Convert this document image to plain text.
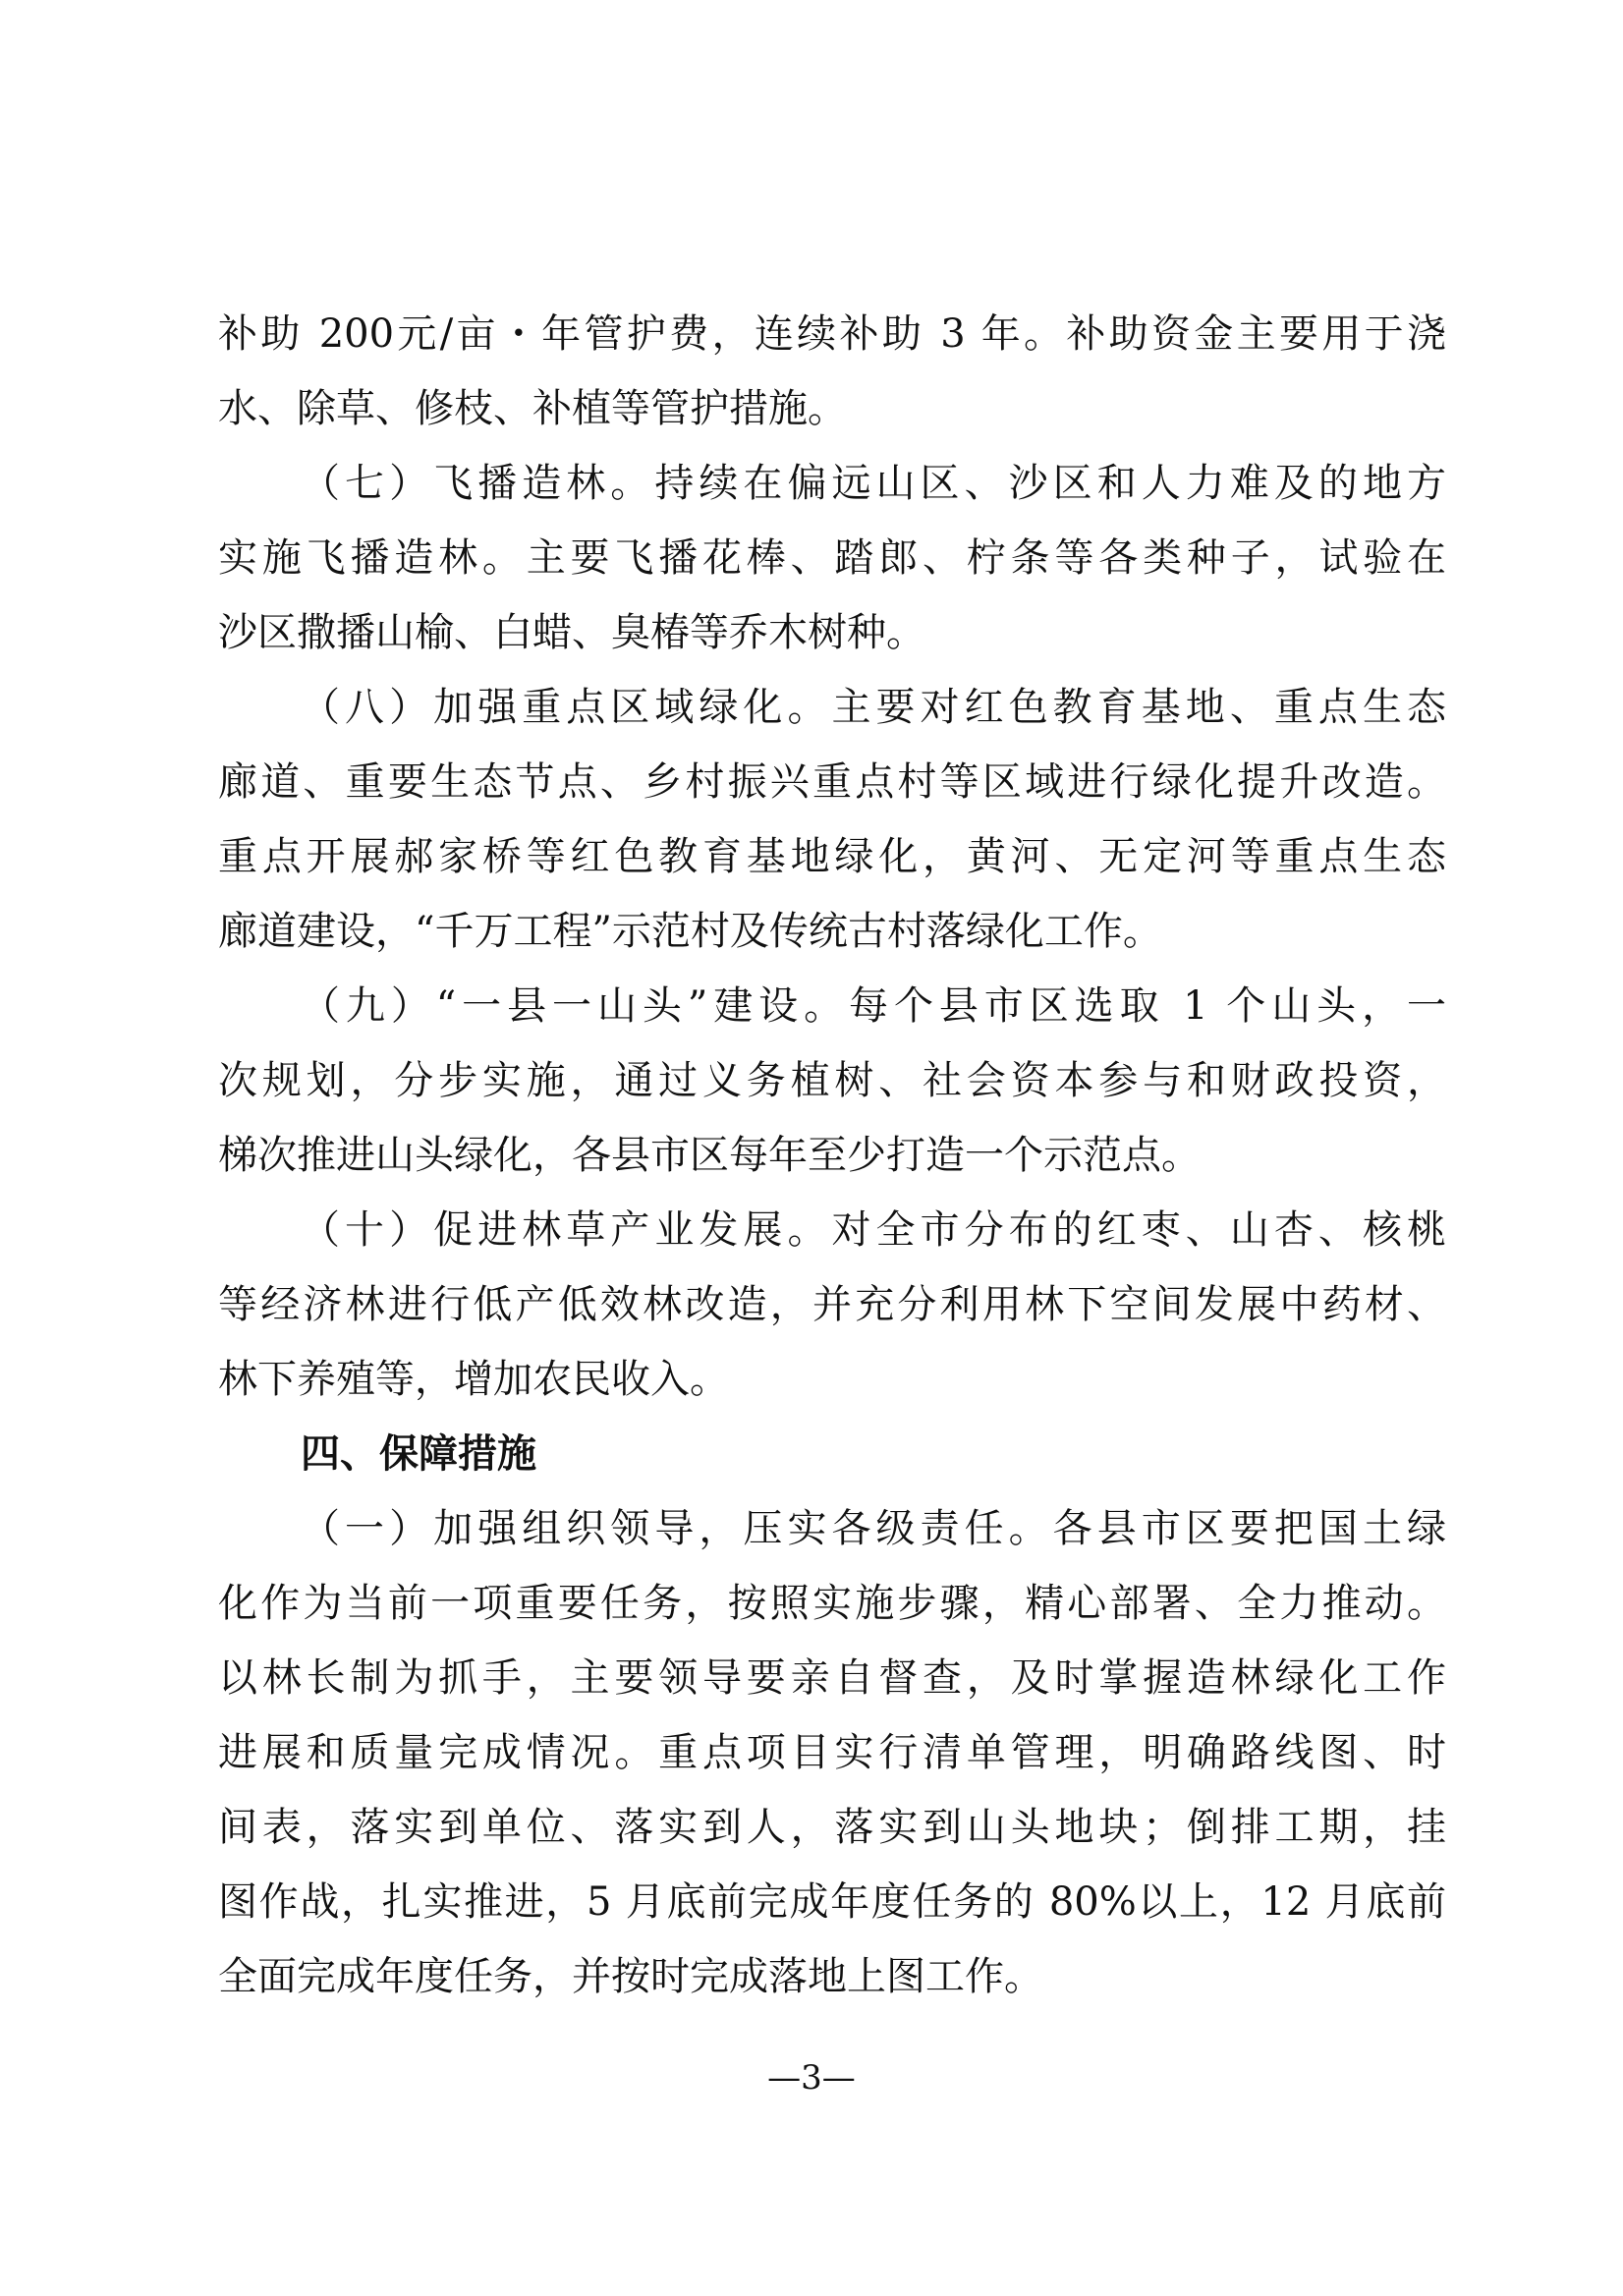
补助 200元/亩・年管护费，连续补助 3 年。补助资金主要用于浇
水、除草、修枝、补植等管护措施。
（七）飞播造林。持续在偏远山区、沙区和人力难及的地方
实施飞播造林。主要飞播花棒、踏郎、柠条等各类种子，试验在
沙区撒播山榆、白蜡、臭椿等乔木树种。
（八）加强重点区域绿化。主要对红色教育基地、重点生态
廊道、重要生态节点、乡村振兴重点村等区域进行绿化提升改造。
重点开展郝家桥等红色教育基地绿化，黄河、无定河等重点生态
廊道建设，“千万工程”示范村及传统古村落绿化工作。
（九）“一县一山头”建设。每个县市区选取 1 个山头，一
次规划，分步实施，通过义务植树、社会资本参与和财政投资，
梯次推进山头绿化，各县市区每年至少打造一个示范点。
（十）促进林草产业发展。对全市分布的红枣、山杏、核桃
等经济林进行低产低效林改造，并充分利用林下空间发展中药材、
林下养殖等，增加农民收入。
四、保障措施
（一）加强组织领导，压实各级责任。各县市区要把国土绿
化作为当前一项重要任务，按照实施步骤，精心部署、全力推动。
以林长制为抓手，主要领导要亲自督查，及时掌握造林绿化工作
进展和质量完成情况。重点项目实行清单管理，明确路线图、时
间表，落实到单位、落实到人，落实到山头地块；倒排工期，挂
图作战，扎实推进，5 月底前完成年度任务的 80%以上，12 月底前
全面完成年度任务，并按时完成落地上图工作。
—3—
